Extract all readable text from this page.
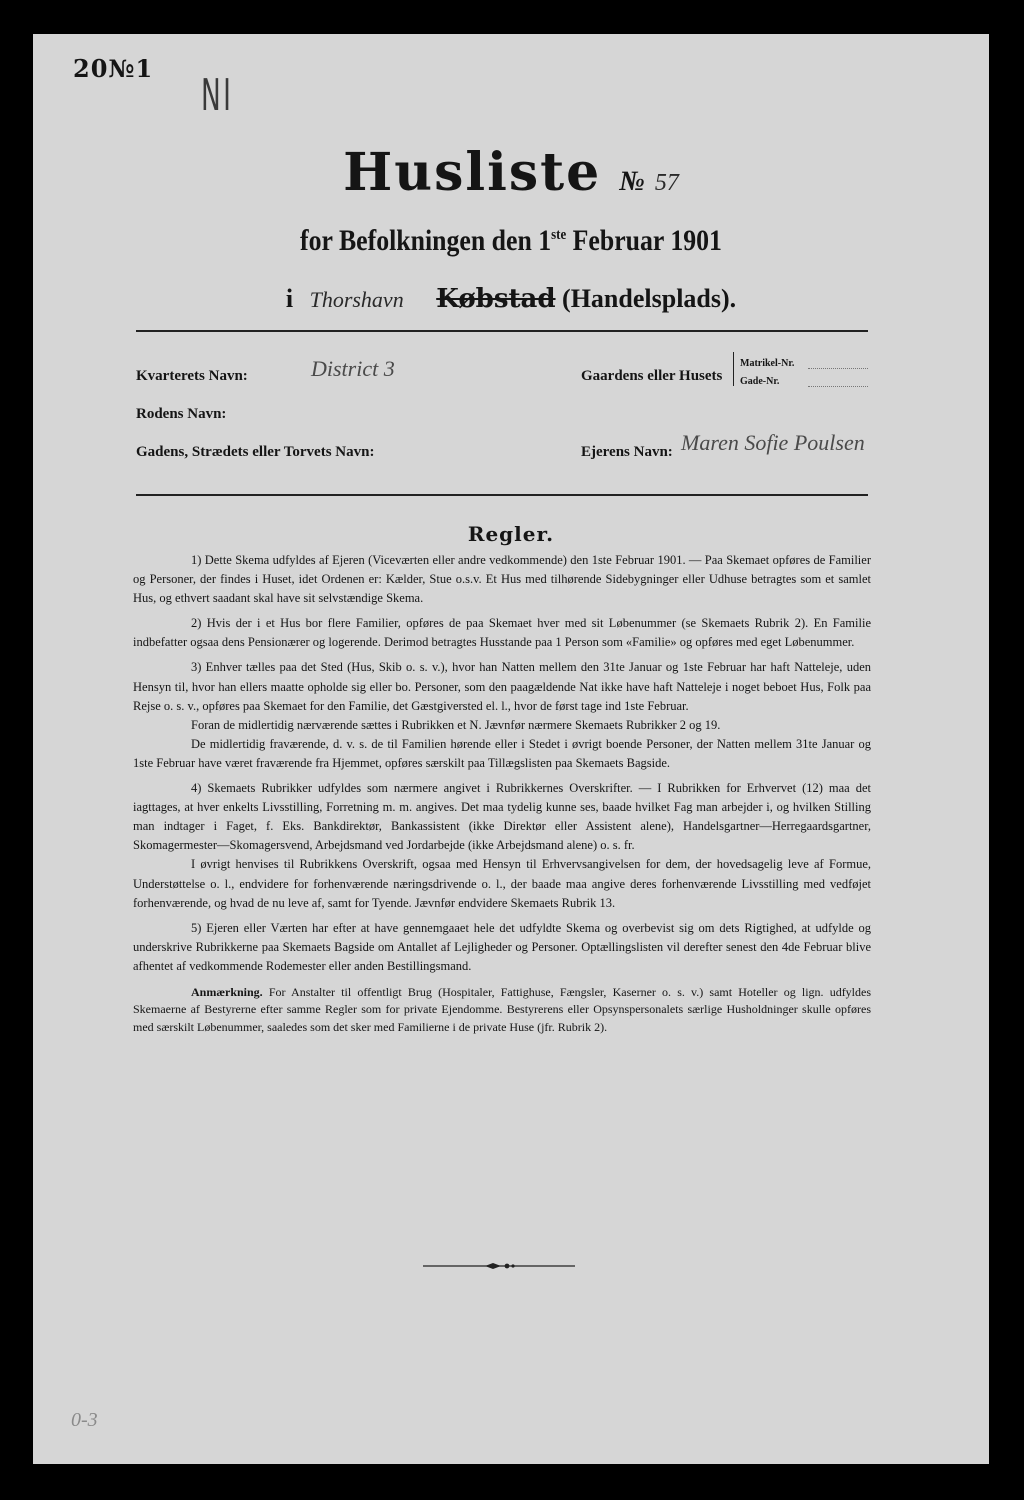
20№1
NI
Husliste № 57
for Befolkningen den 1ste Februar 1901
i Thorshavn Købstad (Handelsplads).
Kvarterets Navn:	District 3	Gaardens eller Husets
Matrikel-Nr.
Gade-Nr.
Rodens Navn:
Gadens, Strædets eller Torvets Navn:	Ejerens Navn: Maren Sofie Poulsen
Regler.

1) Dette Skema udfyldes af Ejeren (Viceværten eller andre vedkommende) den 1ste Februar 1901. — Paa Skemaet opføres de Familier og Personer, der findes i Huset, idet Ordenen er: Kælder, Stue o.s.v. Et Hus med tilhørende Sidebygninger eller Udhuse betragtes som et samlet Hus, og ethvert saadant skal have sit selvstændige Skema.

2) Hvis der i et Hus bor flere Familier, opføres de paa Skemaet hver med sit Løbenummer (se Skemaets Rubrik 2). En Familie indbefatter ogsaa dens Pensionærer og logerende. Derimod betragtes Husstande paa 1 Person som «Familie» og opføres med eget Løbenummer.

3) Enhver tælles paa det Sted (Hus, Skib o. s. v.), hvor han Natten mellem den 31te Januar og 1ste Februar har haft Natteleje, uden Hensyn til, hvor han ellers maatte opholde sig eller bo. Personer, som den paagældende Nat ikke have haft Natteleje i noget beboet Hus, Folk paa Rejse o. s. v., opføres paa Skemaet for den Familie, det Gæstgiversted el. l., hvor de først tage ind 1ste Februar.

Foran de midlertidig nærværende sættes i Rubrikken et N. Jævnfør nærmere Skemaets Rubrikker 2 og 19.

De midlertidig fraværende, d. v. s. de til Familien hørende eller i Stedet i øvrigt boende Personer, der Natten mellem 31te Januar og 1ste Februar have været fraværende fra Hjemmet, opføres særskilt paa Tillægslisten paa Skemaets Bagside.

4) Skemaets Rubrikker udfyldes som nærmere angivet i Rubrikkernes Overskrifter. — I Rubrikken for Erhvervet (12) maa det iagttages, at hver enkelts Livsstilling, Forretning m. m. angives. Det maa tydelig kunne ses, baade hvilket Fag man arbejder i, og hvilken Stilling man indtager i Faget, f. Eks. Bankdirektør, Bankassistent (ikke Direktør eller Assistent alene), Handelsgartner—Herregaardsgartner, Skomagermester—Skomagersvend, Arbejdsmand ved Jordarbejde (ikke Arbejdsmand alene) o. s. fr.

I øvrigt henvises til Rubrikkens Overskrift, ogsaa med Hensyn til Erhvervsangivelsen for dem, der hovedsagelig leve af Formue, Understøttelse o. l., endvidere for forhenværende næringsdrivende o. l., der baade maa angive deres forhenværende Livsstilling med vedføjet forhenværende, og hvad de nu leve af, samt for Tyende. Jævnfør endvidere Skemaets Rubrik 13.

5) Ejeren eller Værten har efter at have gennemgaaet hele det udfyldte Skema og overbevist sig om dets Rigtighed, at udfylde og underskrive Rubrikkerne paa Skemaets Bagside om Antallet af Lejligheder og Personer. Optællingslisten vil derefter senest den 4de Februar blive afhentet af vedkommende Rodemester eller anden Bestillingsmand.

Anmærkning. For Anstalter til offentligt Brug (Hospitaler, Fattighuse, Fængsler, Kaserner o. s. v.) samt Hoteller og lign. udfyldes Skemaerne af Bestyrerne efter samme Regler som for private Ejendomme. Bestyrerens eller Opsynspersonalets særlige Husholdninger skulle opføres med særskilt Løbenummer, saaledes som det sker med Familierne i de private Huse (jfr. Rubrik 2).

0-3
